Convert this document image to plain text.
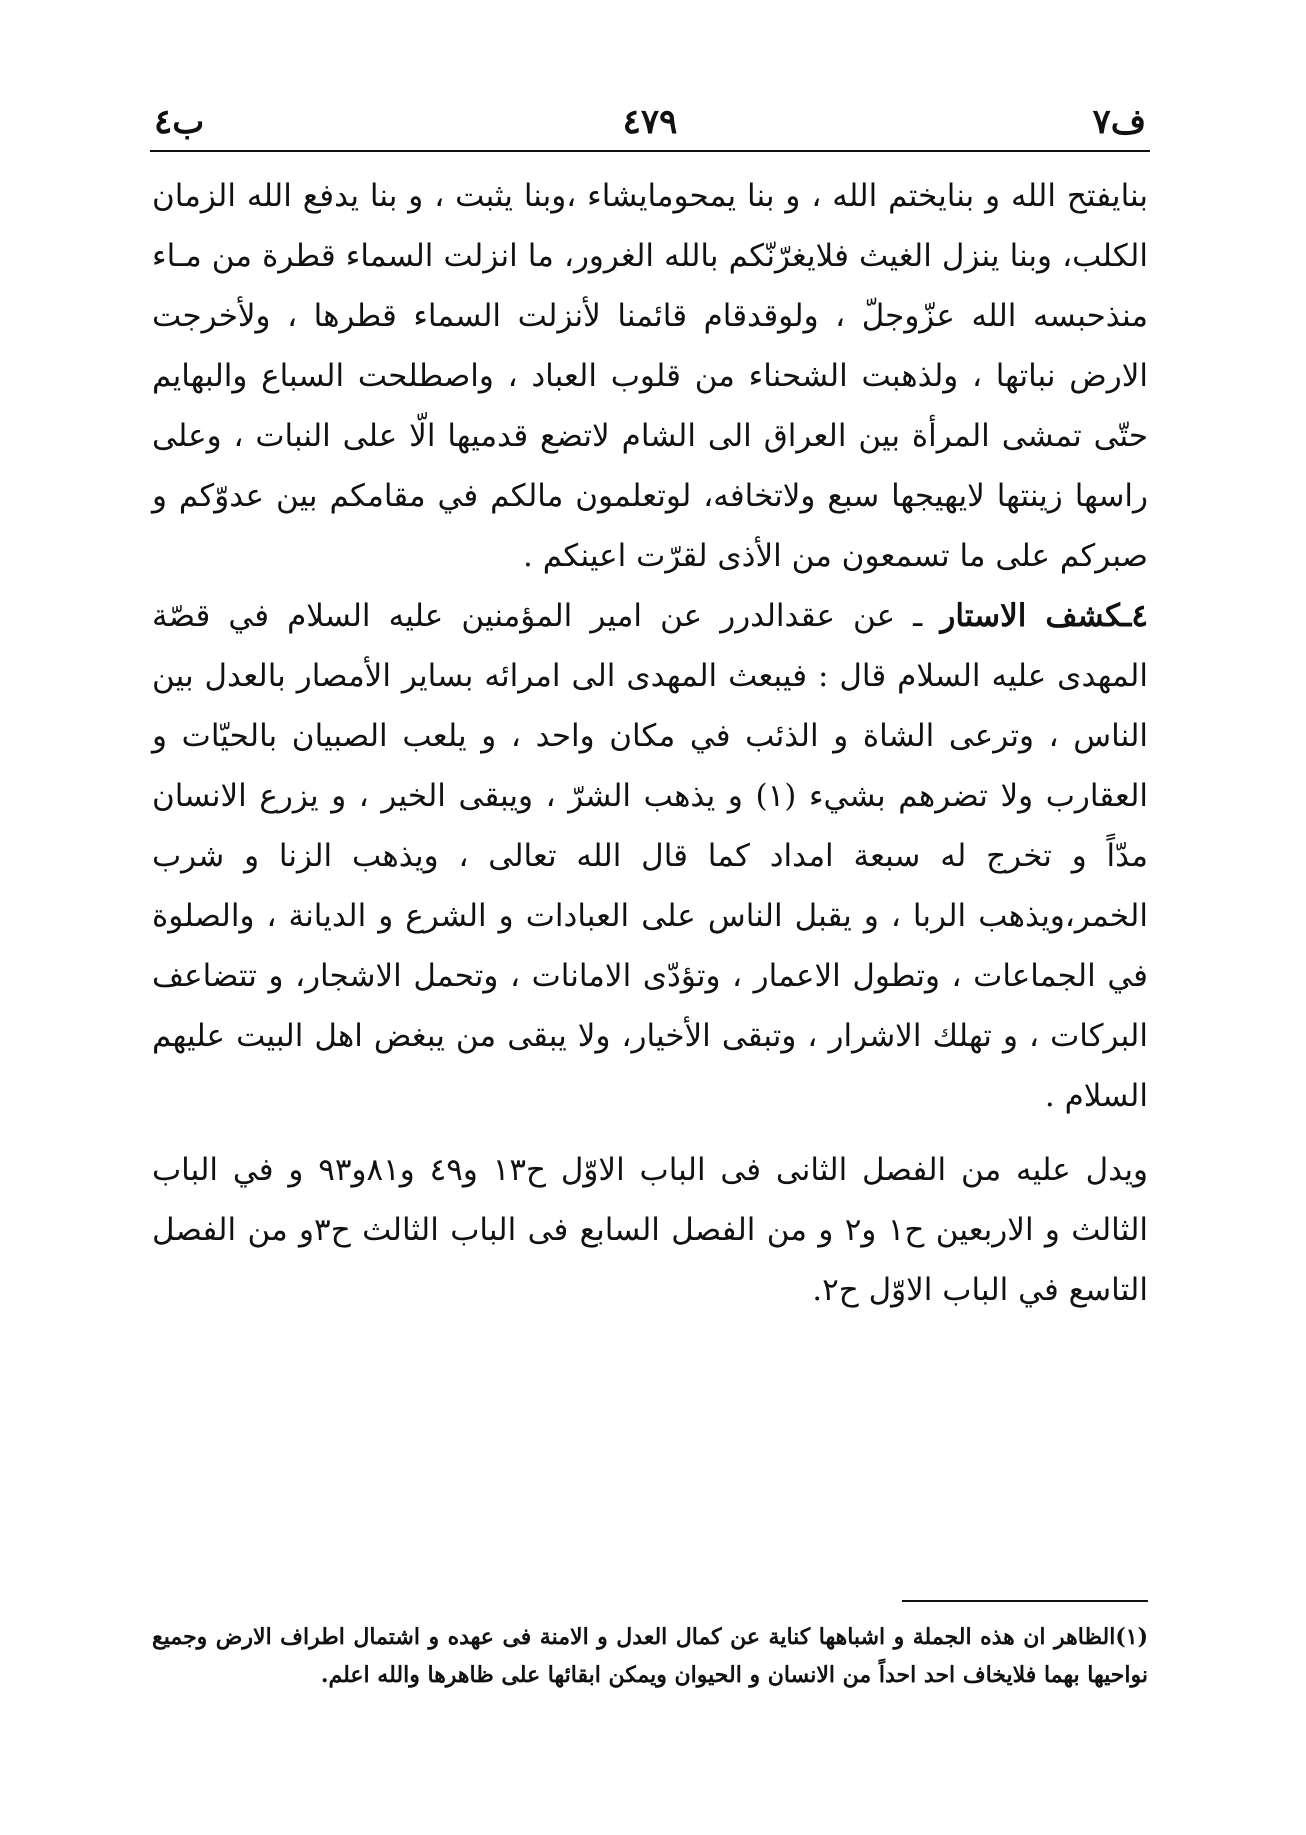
ف٧
٤٧٩
ب٤

بنايفتح الله و بنايختم الله ، و بنا يمحومايشاء ،وبنا يثبت ، و بنا يدفع الله الزمان الكلب، وبنا ينزل الغيث فلايغرّنّكم بالله الغرور، ما انزلت السماء قطرة من مـاء منذحبسه الله عزّوجلّ ، ولوقدقام قائمنا لأنزلت السماء قطرها ، ولأخرجت الارض نباتها ، ولذهبت الشحناء من قلوب العباد ، واصطلحت السباع والبهايم حتّى تمشى المرأة بين العراق الى الشام لاتضع قدميها الّا على النبات ، وعلى راسها زينتها لايهيجها سبع ولاتخافه، لوتعلمون مالكم في مقامكم بين عدوّكم و صبركم على ما تسمعون من الأذى لقرّت اعينكم .

٤ـكشف الاستار ـ عن عقدالدرر عن امير المؤمنين عليه السلام في قصّة المهدى عليه السلام قال : فيبعث المهدى الى امرائه بساير الأمصار بالعدل بين الناس ، وترعى الشاة و الذئب في مكان واحد ، و يلعب الصبيان بالحيّات و العقارب ولا تضرهم بشيء (١) و يذهب الشرّ ، ويبقى الخير ، و يزرع الانسان مدّاً و تخرج له سبعة امداد كما قال الله تعالى ، ويذهب الزنا و شرب الخمر،ويذهب الربا ، و يقبل الناس على العبادات و الشرع و الديانة ، والصلوة في الجماعات ، وتطول الاعمار ، وتؤدّى الامانات ، وتحمل الاشجار، و تتضاعف البركات ، و تهلك الاشرار ، وتبقى الأخيار، ولا يبقى من يبغض اهل البيت عليهم السلام .

ويدل عليه من الفصل الثانى فى الباب الاوّل ح١٣ و٤٩ و٨١و٩٣ و في الباب الثالث و الاربعين ح١ و٢ و من الفصل السابع فى الباب الثالث ح٣و من الفصل التاسع في الباب الاوّل ح٢.

(١)الظاهر ان هذه الجملة و اشباهها كناية عن كمال العدل و الامنة فى عهده و اشتمال اطراف الارض وجميع نواحيها بهما فلايخاف احد احداً من الانسان و الحيوان ويمكن ابقائها على ظاهرها والله اعلم.
